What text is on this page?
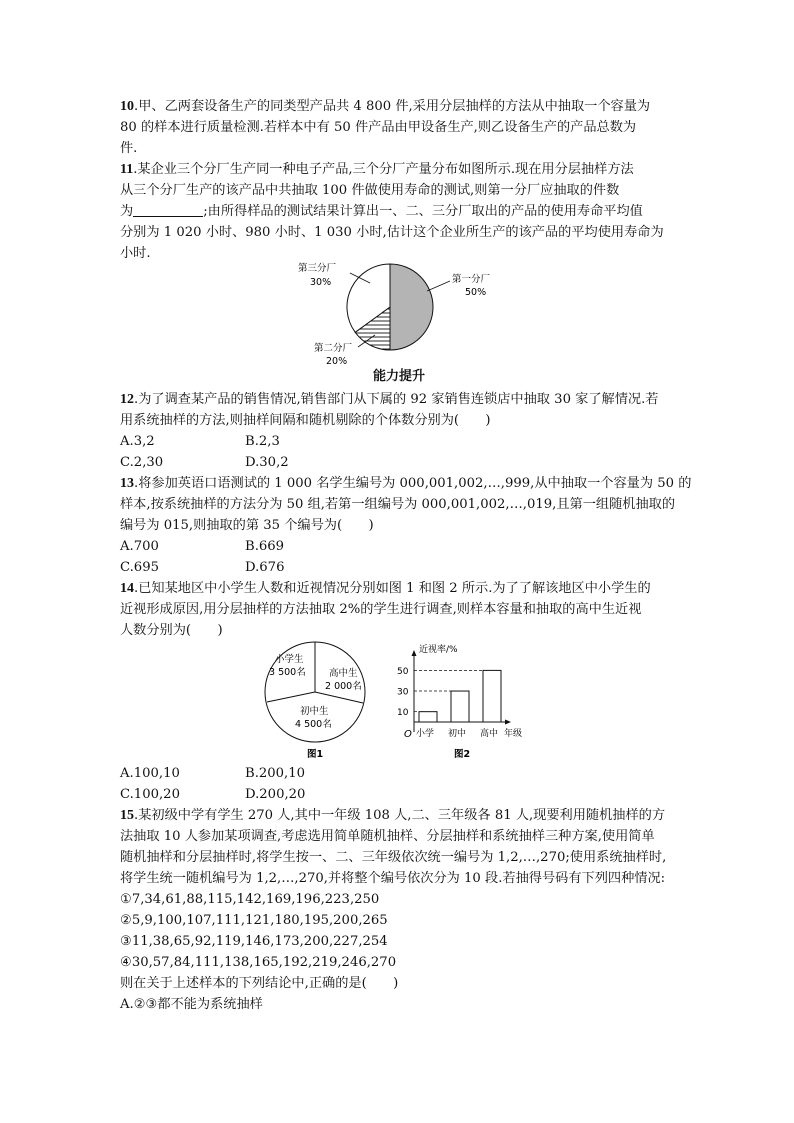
10.甲、乙两套设备生产的同类型产品共 4 800 件,采用分层抽样的方法从中抽取一个容量为
80 的样本进行质量检测.若样本中有 50 件产品由甲设备生产,则乙设备生产的产品总数为
件.
11.某企业三个分厂生产同一种电子产品,三个分厂产量分布如图所示.现在用分层抽样方法
从三个分厂生产的该产品中共抽取 100 件做使用寿命的测试,则第一分厂应抽取的件数
为	;由所得样品的测试结果计算出一、二、三分厂取出的产品的使用寿命平均值
分别为 1 020 小时、980 小时、1 030 小时,估计这个企业所生产的该产品的平均使用寿命为
小时.
第一分厂
50%
第三分厂
30%
第二分厂
20%
能力提升
12.为了调查某产品的销售情况,销售部门从下属的 92 家销售连锁店中抽取 30 家了解情况.若
用系统抽样的方法,则抽样间隔和随机剔除的个体数分别为(　　)
A.3,2	B.2,3
C.2,30	D.30,2
13.将参加英语口语测试的 1 000 名学生编号为 000,001,002,…,999,从中抽取一个容量为 50 的
样本,按系统抽样的方法分为 50 组,若第一组编号为 000,001,002,…,019,且第一组随机抽取的
编号为 015,则抽取的第 35 个编号为(　　)
A.700	B.669
C.695	D.676
14.已知某地区中小学生人数和近视情况分别如图 1 和图 2 所示.为了了解该地区中小学生的
近视形成原因,用分层抽样的方法抽取 2%的学生进行调查,则样本容量和抽取的高中生近视
人数分别为(　　)
小学生
3 500名 高中生
2 000名
初中生
4 500名
图1
近视率/%
O	年级
图2
10
30
50
小学 初中 高中
A.100,10	B.200,10
C.100,20	D.200,20
15.某初级中学有学生 270 人,其中一年级 108 人,二、三年级各 81 人,现要利用随机抽样的方
法抽取 10 人参加某项调查,考虑选用简单随机抽样、分层抽样和系统抽样三种方案,使用简单
随机抽样和分层抽样时,将学生按一、二、三年级依次统一编号为 1,2,…,270;使用系统抽样时,
将学生统一随机编号为 1,2,…,270,并将整个编号依次分为 10 段.若抽得号码有下列四种情况:
①7,34,61,88,115,142,169,196,223,250
②5,9,100,107,111,121,180,195,200,265
③11,38,65,92,119,146,173,200,227,254
④30,57,84,111,138,165,192,219,246,270
则在关于上述样本的下列结论中,正确的是(　　)
A.②③都不能为系统抽样
